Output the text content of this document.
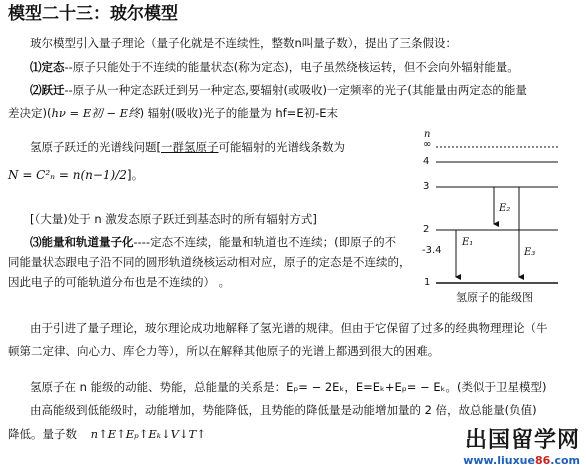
模型二十三：玻尔模型
玻尔模型引入量子理论（量子化就是不连续性，整数n叫量子数），提出了三条假设：
⑴定态--原子只能处于不连续的能量状态(称为定态)，电子虽然绕核运转，但不会向外辐射能量。
⑵跃迁--原子从一种定态跃迁到另一种定态,要辐射(或吸收)一定频率的光子(其能量由两定态的能量
差决定)(hν = E初 − E终) 辐射(吸收)光子的能量为 hf=E初-E末
氢原子跃迁的光谱线问题[一群氢原子可能辐射的光谱线条数为
N = C²ₙ = n(n−1)/2]。
[（大量)处于 n 激发态原子跃迁到基态时的所有辐射方式]
⑶能量和轨道量子化----定态不连续，能量和轨道也不连续；(即原子的不
同能量状态跟电子沿不同的圆形轨道绕核运动相对应，原子的定态是不连续的，
因此电子的可能轨道分布也是不连续的） 。
由于引进了量子理论，玻尔理论成功地解释了氢光谱的规律。但由于它保留了过多的经典物理理论（牛
顿第二定律、向心力、库仑力等），所以在解释其他原子的光谱上都遇到很大的困难。
氢原子在 n 能级的动能、势能，总能量的关系是：Eₚ= − 2Eₖ，E=Eₖ+Eₚ= − Eₖ。(类似于卫星模型)
由高能级到低能级时，动能增加，势能降低，且势能的降低量是动能增加量的 2 倍，故总能量(负值)
降低。量子数 n↑E↑Eₚ↑Eₖ↓V↓T↑
n
∞
4
3
2
-3.4
1
E₁
E₂
E₃
氢原子的能级图
出国留学网
www.liuxue86.com
